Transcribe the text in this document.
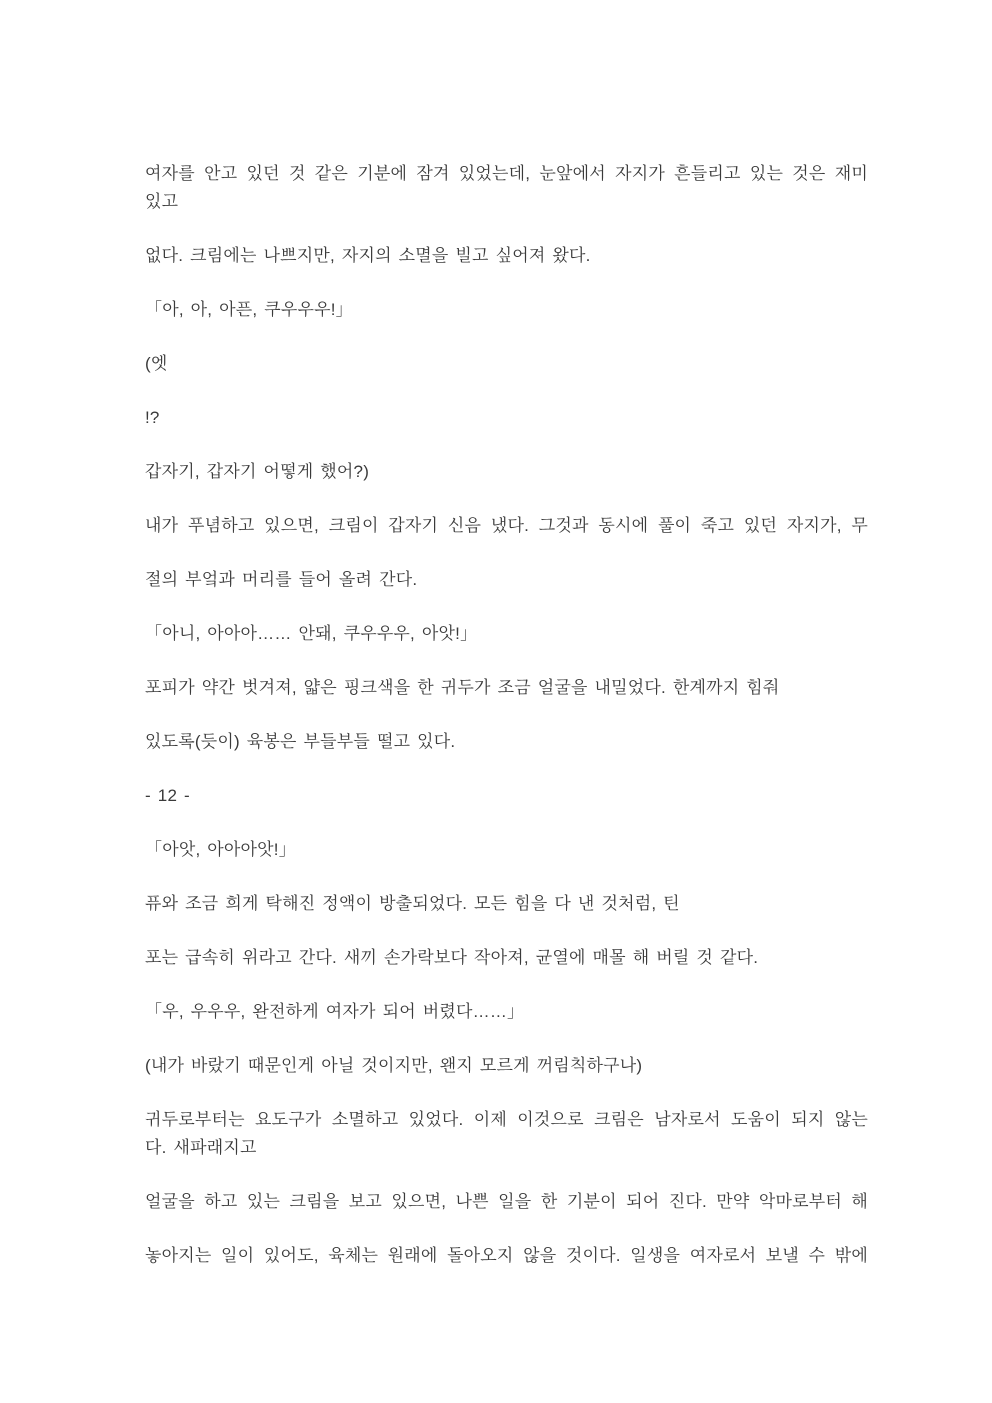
여자를 안고 있던 것 같은 기분에 잠겨 있었는데, 눈앞에서 자지가 흔들리고 있는 것은 재미
있고
없다. 크림에는 나쁘지만, 자지의 소멸을 빌고 싶어져 왔다.
「아, 아, 아픈, 쿠우우우!」
(엣
!?
갑자기, 갑자기 어떻게 했어?)
내가 푸념하고 있으면, 크림이 갑자기 신음 냈다. 그것과 동시에 풀이 죽고 있던 자지가, 무
절의 부엌과 머리를 들어 올려 간다.
「아니, 아아아…… 안돼, 쿠우우우, 아앗!」
포피가 약간 벗겨져, 얇은 핑크색을 한 귀두가 조금 얼굴을 내밀었다. 한계까지 힘줘
있도록(듯이) 육봉은 부들부들 떨고 있다.
- 12 -
「아앗, 아아아앗!」
퓨와 조금 희게 탁해진 정액이 방출되었다. 모든 힘을 다 낸 것처럼, 틴
포는 급속히 위라고 간다. 새끼 손가락보다 작아져, 균열에 매몰 해 버릴 것 같다.
「우, 우우우, 완전하게 여자가 되어 버렸다……」
(내가 바랐기 때문인게 아닐 것이지만, 왠지 모르게 꺼림칙하구나)
귀두로부터는 요도구가 소멸하고 있었다. 이제 이것으로 크림은 남자로서 도움이 되지 않는
다. 새파래지고
얼굴을 하고 있는 크림을 보고 있으면, 나쁜 일을 한 기분이 되어 진다. 만약 악마로부터 해
놓아지는 일이 있어도, 육체는 원래에 돌아오지 않을 것이다. 일생을 여자로서 보낼 수 밖에
